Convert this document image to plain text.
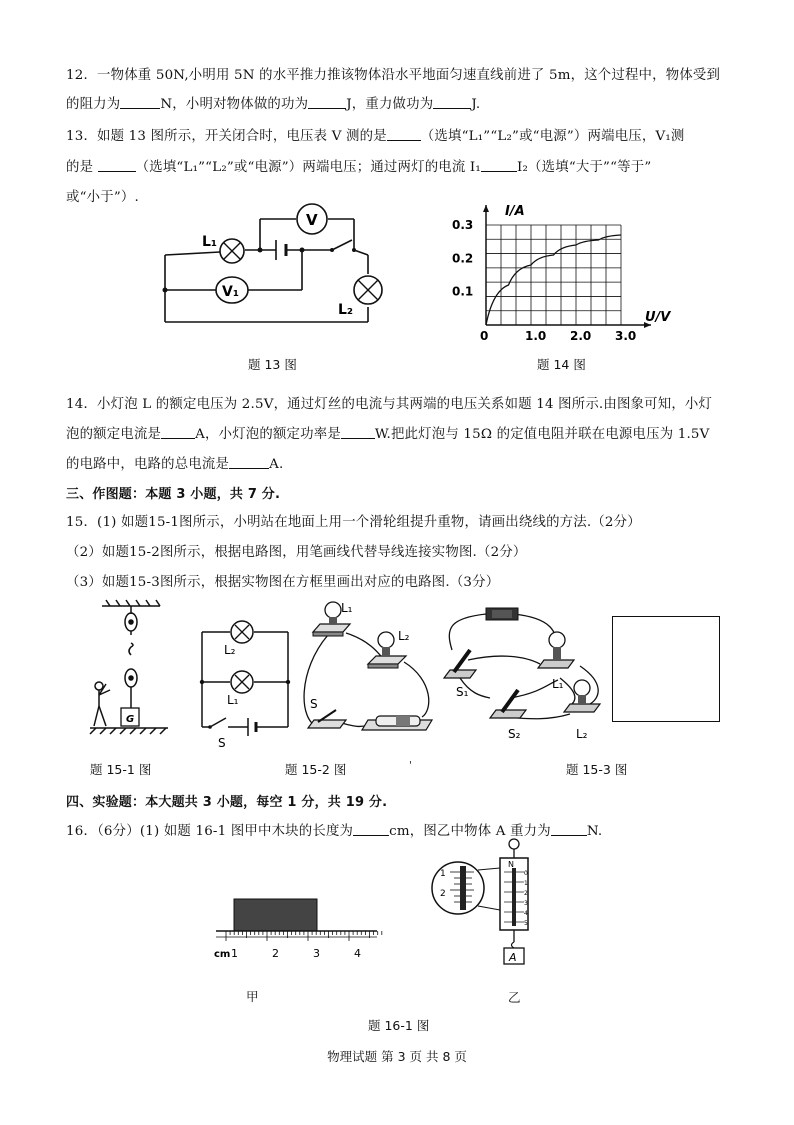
12．一物体重 50N,小明用 5N 的水平推力推该物体沿水平地面匀速直线前进了 5m，这个过程中，物体受到
的阻力为	N，小明对物体做的功为	J，重力做功为	J.
13．如题 13 图所示，开关闭合时，电压表 V 测的是	（选填“L₁”“L₂”或“电源”）两端电压，V₁测
的是	（选填“L₁”“L₂”或“电源”）两端电压；通过两灯的电流 I₁	I₂（选填“大于”“等于”
或“小于”）.
L₁
L₂
V
V₁
题 13 图
0	1.0 2.0 3.0
0.1
0.2
0.3
I/A
U/V
题 14 图
14．小灯泡 L 的额定电压为 2.5V，通过灯丝的电流与其两端的电压关系如题 14 图所示.由图象可知，小灯
泡的额定电流是	A，小灯泡的额定功率是	W.把此灯泡与 15Ω 的定值电阻并联在电源电压为 1.5V
的电路中，电路的总电流是	A.
三、作图题：本题 3 小题，共 7 分.
15．(1) 如题15-1图所示，小明站在地面上用一个滑轮组提升重物，请画出绕线的方法.（2分）
（2）如题15-2图所示，根据电路图，用笔画线代替导线连接实物图.（2分）
（3）如题15-3图所示，根据实物图在方框里画出对应的电路图.（3分）
G
题 15-1 图
L₂
L₁
S
L₁
L₂
S
题 15-2 图	'
S₁
L₁
S₂	L₂
题 15-3 图
四、实验题：本大题共 3 小题，每空 1 分，共 19 分.
16．（6分）(1) 如题 16-1 图甲中木块的长度为	cm，图乙中物体 A 重力为	N.
cm 1	2	3	4
甲
N
0
1
2
3
4
5
A
1
2
乙
题 16-1 图
物理试题 第 3 页 共 8 页
